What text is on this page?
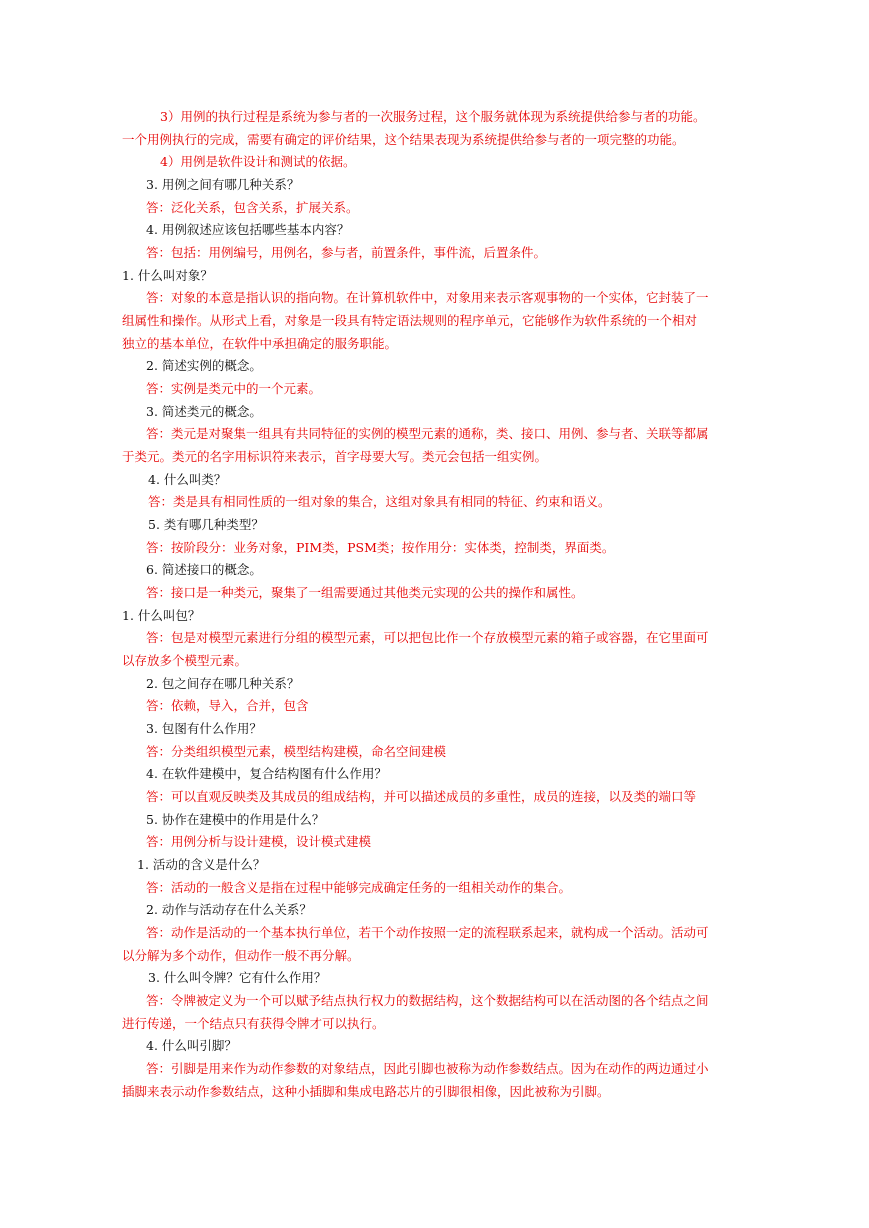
3）用例的执行过程是系统为参与者的一次服务过程，这个服务就体现为系统提供给参与者的功能。
一个用例执行的完成，需要有确定的评价结果，这个结果表现为系统提供给参与者的一项完整的功能。
4）用例是软件设计和测试的依据。
3. 用例之间有哪几种关系？
答：泛化关系，包含关系，扩展关系。
4. 用例叙述应该包括哪些基本内容？
答：包括：用例编号，用例名，参与者，前置条件，事件流，后置条件。
1. 什么叫对象？
答：对象的本意是指认识的指向物。在计算机软件中，对象用来表示客观事物的一个实体，它封装了一
组属性和操作。从形式上看，对象是一段具有特定语法规则的程序单元，它能够作为软件系统的一个相对
独立的基本单位，在软件中承担确定的服务职能。
2. 简述实例的概念。
答：实例是类元中的一个元素。
3. 简述类元的概念。
答：类元是对聚集一组具有共同特征的实例的模型元素的通称，类、接口、用例、参与者、关联等都属
于类元。类元的名字用标识符来表示，首字母要大写。类元会包括一组实例。
4. 什么叫类？
答：类是具有相同性质的一组对象的集合，这组对象具有相同的特征、约束和语义。
5. 类有哪几种类型？
答：按阶段分：业务对象，PIM类，PSM类；按作用分：实体类，控制类，界面类。
6. 简述接口的概念。
答：接口是一种类元，聚集了一组需要通过其他类元实现的公共的操作和属性。
1. 什么叫包？
答：包是对模型元素进行分组的模型元素，可以把包比作一个存放模型元素的箱子或容器，在它里面可
以存放多个模型元素。
2. 包之间存在哪几种关系？
答：依赖，导入，合并，包含
3. 包图有什么作用？
答：分类组织模型元素，模型结构建模，命名空间建模
4. 在软件建模中，复合结构图有什么作用？
答：可以直观反映类及其成员的组成结构，并可以描述成员的多重性，成员的连接，以及类的端口等
5. 协作在建模中的作用是什么？
答：用例分析与设计建模，设计模式建模
1. 活动的含义是什么？
答：活动的一般含义是指在过程中能够完成确定任务的一组相关动作的集合。
2. 动作与活动存在什么关系？
答：动作是活动的一个基本执行单位，若干个动作按照一定的流程联系起来，就构成一个活动。活动可
以分解为多个动作，但动作一般不再分解。
3. 什么叫令牌？它有什么作用？
答：令牌被定义为一个可以赋予结点执行权力的数据结构，这个数据结构可以在活动图的各个结点之间
进行传递，一个结点只有获得令牌才可以执行。
4. 什么叫引脚？
答：引脚是用来作为动作参数的对象结点，因此引脚也被称为动作参数结点。因为在动作的两边通过小
插脚来表示动作参数结点，这种小插脚和集成电路芯片的引脚很相像，因此被称为引脚。
